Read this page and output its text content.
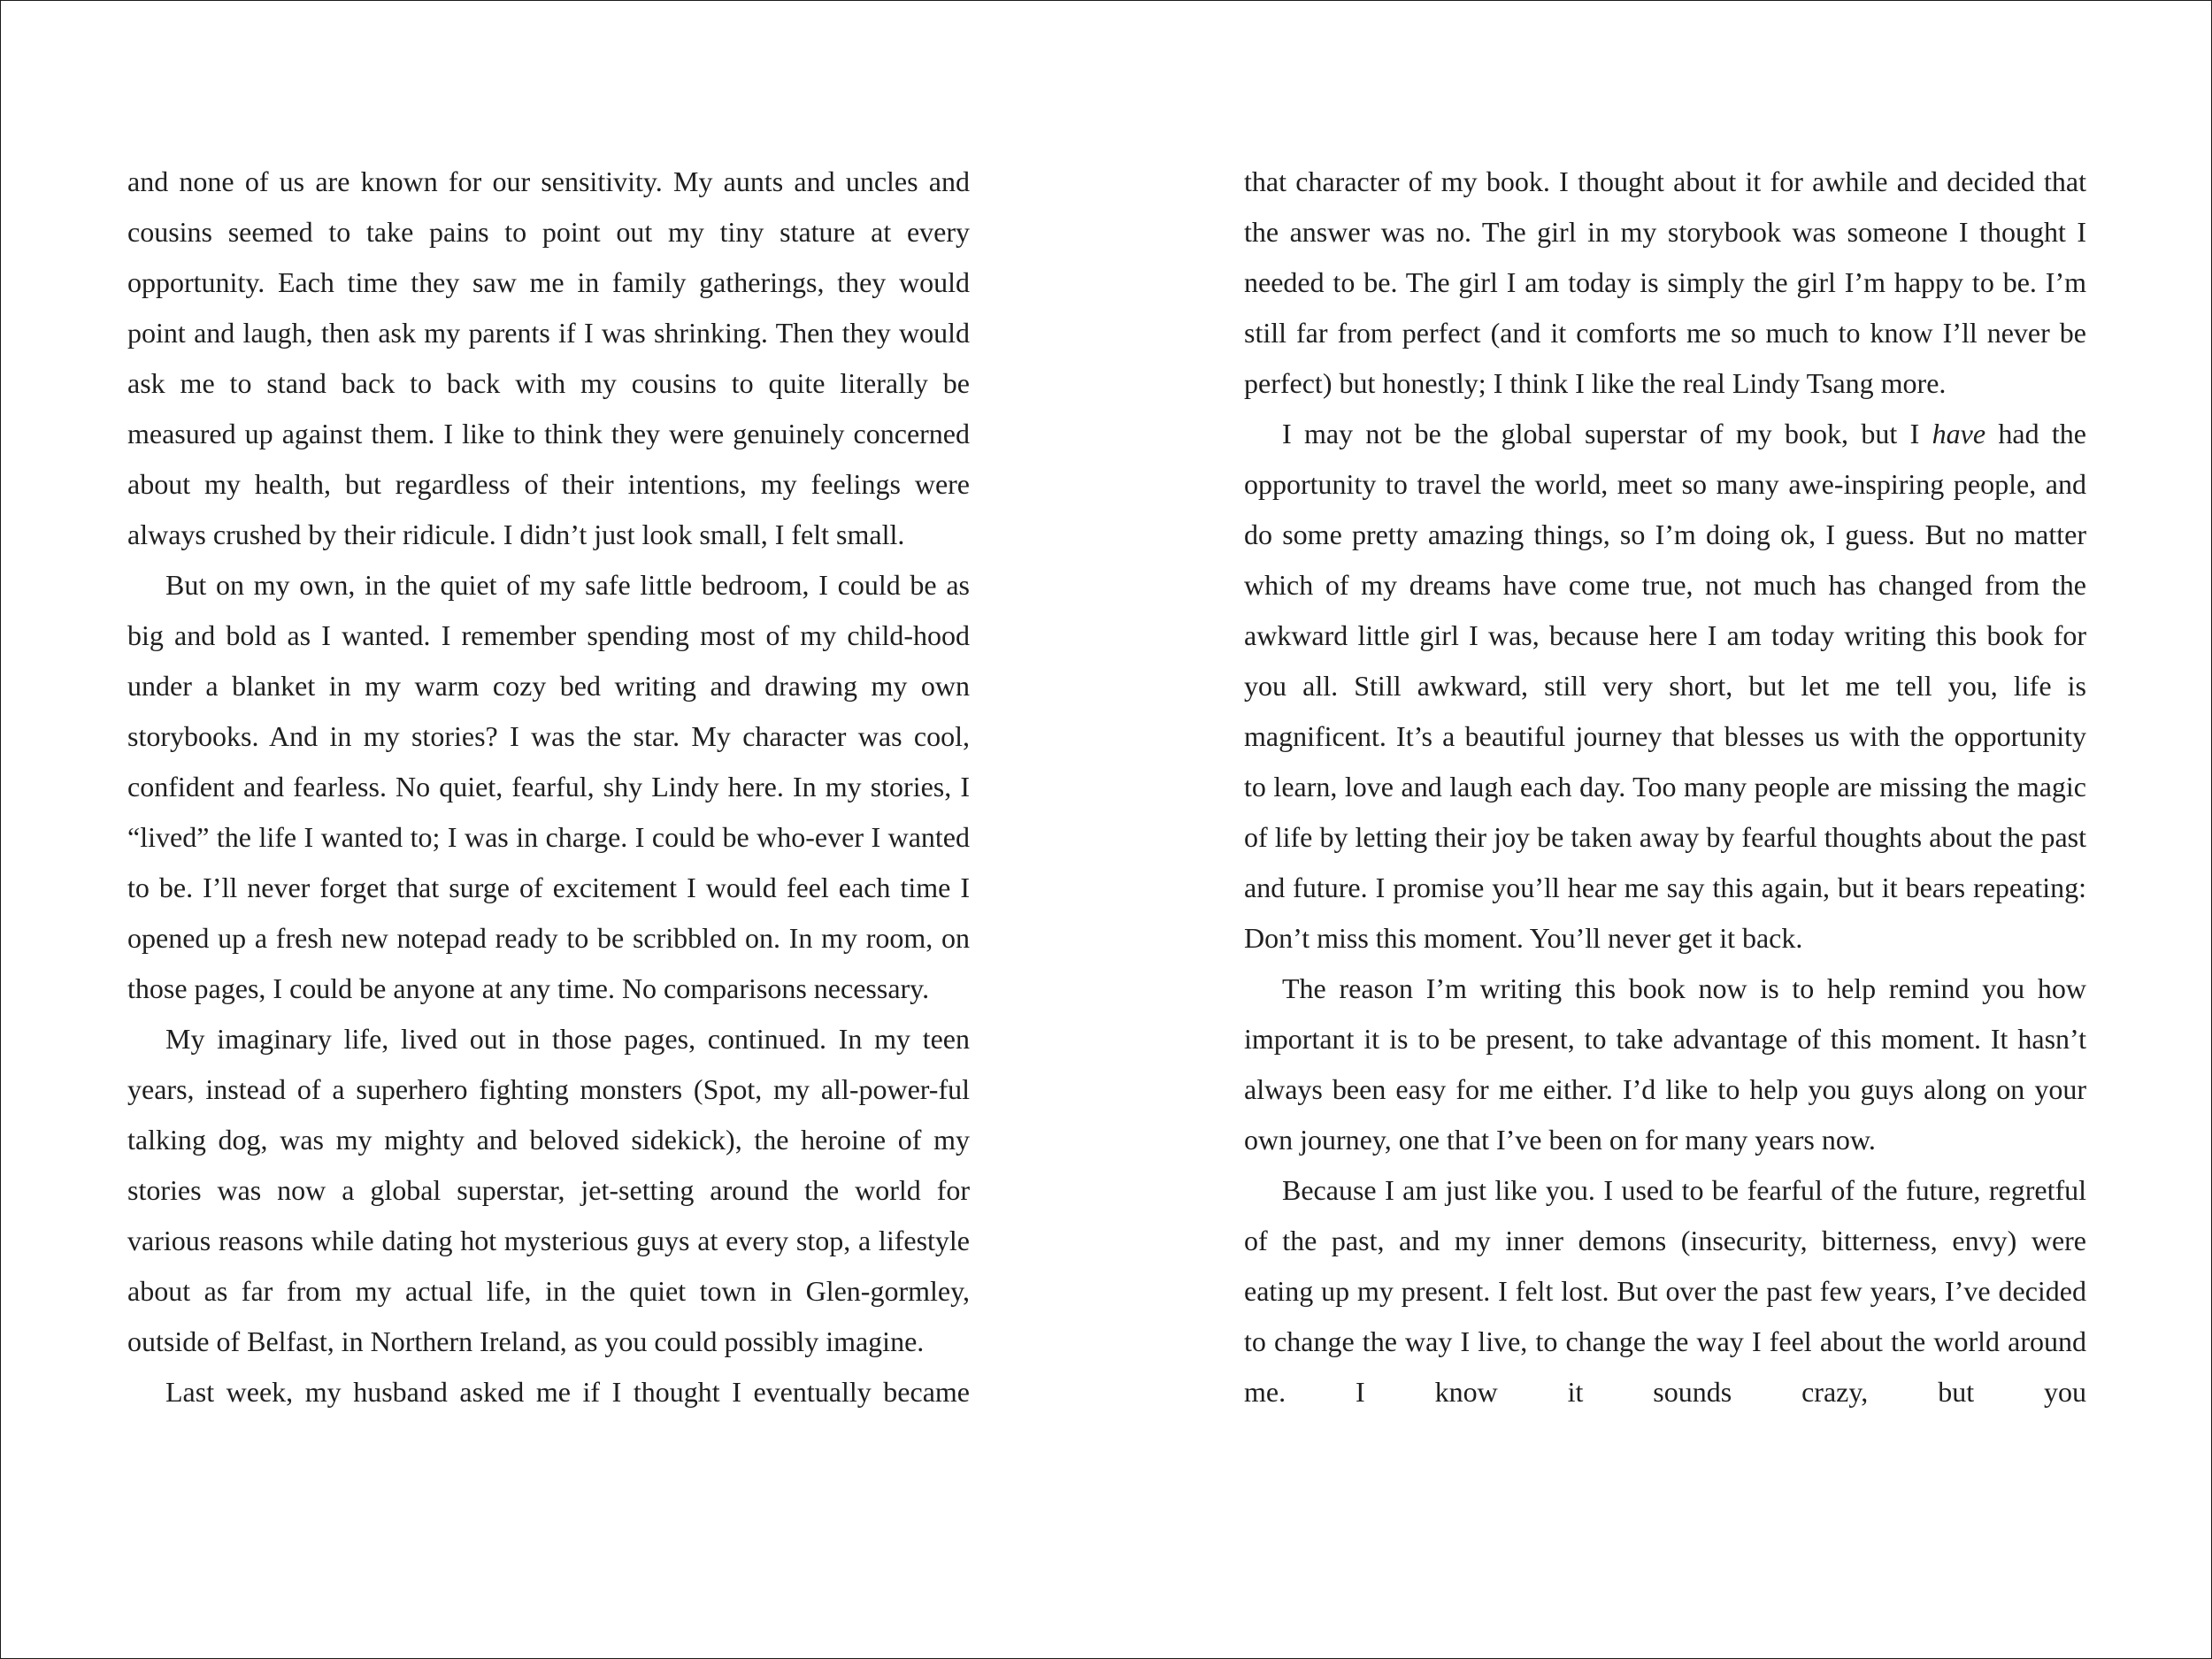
and none of us are known for our sensitivity. My aunts and uncles and cousins seemed to take pains to point out my tiny stature at every opportunity. Each time they saw me in family gatherings, they would point and laugh, then ask my parents if I was shrinking. Then they would ask me to stand back to back with my cousins to quite literally be measured up against them. I like to think they were genuinely concerned about my health, but regardless of their intentions, my feelings were always crushed by their ridicule. I didn’t just look small, I felt small.

But on my own, in the quiet of my safe little bedroom, I could be as big and bold as I wanted. I remember spending most of my child-hood under a blanket in my warm cozy bed writing and drawing my own storybooks. And in my stories? I was the star. My character was cool, confident and fearless. No quiet, fearful, shy Lindy here. In my stories, I “lived” the life I wanted to; I was in charge. I could be who-ever I wanted to be. I’ll never forget that surge of excitement I would feel each time I opened up a fresh new notepad ready to be scribbled on. In my room, on those pages, I could be anyone at any time. No comparisons necessary.

My imaginary life, lived out in those pages, continued. In my teen years, instead of a superhero fighting monsters (Spot, my all-power-ful talking dog, was my mighty and beloved sidekick), the heroine of my stories was now a global superstar, jet-setting around the world for various reasons while dating hot mysterious guys at every stop, a lifestyle about as far from my actual life, in the quiet town in Glen-gormley, outside of Belfast, in Northern Ireland, as you could possibly imagine.

Last week, my husband asked me if I thought I eventually became

that character of my book. I thought about it for awhile and decided that the answer was no. The girl in my storybook was someone I thought I needed to be. The girl I am today is simply the girl I’m happy to be. I’m still far from perfect (and it comforts me so much to know I’ll never be perfect) but honestly; I think I like the real Lindy Tsang more.

I may not be the global superstar of my book, but I have had the opportunity to travel the world, meet so many awe-inspiring people, and do some pretty amazing things, so I’m doing ok, I guess. But no matter which of my dreams have come true, not much has changed from the awkward little girl I was, because here I am today writing this book for you all. Still awkward, still very short, but let me tell you, life is magnificent. It’s a beautiful journey that blesses us with the opportunity to learn, love and laugh each day. Too many people are missing the magic of life by letting their joy be taken away by fearful thoughts about the past and future. I promise you’ll hear me say this again, but it bears repeating: Don’t miss this moment. You’ll never get it back.

The reason I’m writing this book now is to help remind you how important it is to be present, to take advantage of this moment. It hasn’t always been easy for me either. I’d like to help you guys along on your own journey, one that I’ve been on for many years now.

Because I am just like you. I used to be fearful of the future, regretful of the past, and my inner demons (insecurity, bitterness, envy) were eating up my present. I felt lost. But over the past few years, I’ve decided to change the way I live, to change the way I feel about the world around me. I know it sounds crazy, but you
